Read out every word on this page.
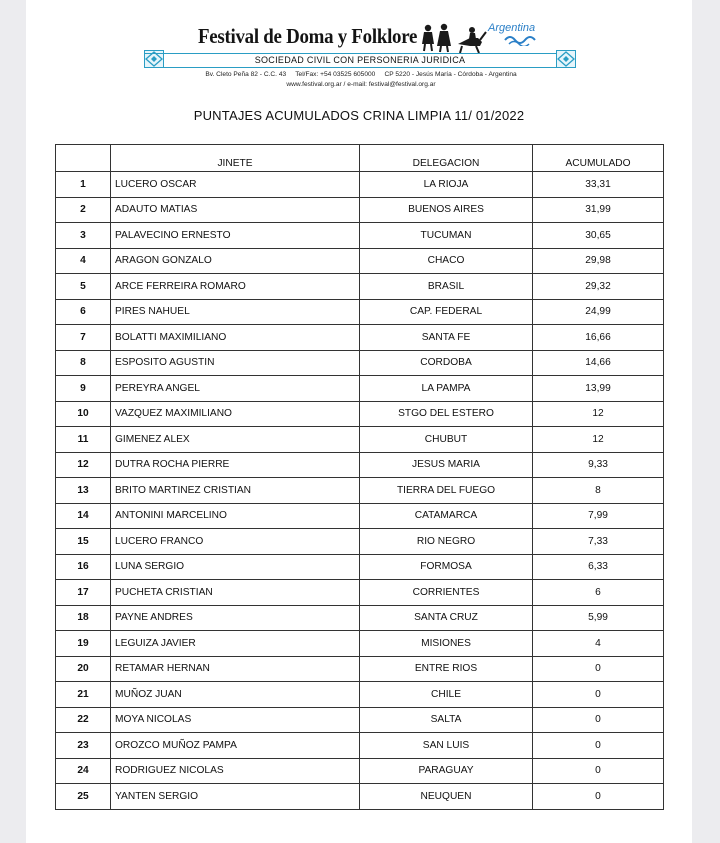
Festival de Doma y Folklore	Argentina
SOCIEDAD CIVIL CON PERSONERIA JURIDICA
Bv. Cleto Peña 82 - C.C. 43     Tel/Fax: +54 03525 605000     CP 5220 - Jesús María - Córdoba - Argentina
www.festival.org.ar / e-mail: festival@festival.org.ar
PUNTAJES ACUMULADOS CRINA LIMPIA 11/ 01/2022
	JINETE	DELEGACION	ACUMULADO
1	LUCERO OSCAR	LA RIOJA	33,31
2	ADAUTO MATIAS	BUENOS AIRES	31,99
3	PALAVECINO ERNESTO	TUCUMAN	30,65
4	ARAGON GONZALO	CHACO	29,98
5	ARCE FERREIRA ROMARO	BRASIL	29,32
6	PIRES NAHUEL	CAP. FEDERAL	24,99
7	BOLATTI MAXIMILIANO	SANTA FE	16,66
8	ESPOSITO AGUSTIN	CORDOBA	14,66
9	PEREYRA ANGEL	LA PAMPA	13,99
10	VAZQUEZ MAXIMILIANO	STGO DEL ESTERO	12
11	GIMENEZ ALEX	CHUBUT	12
12	DUTRA ROCHA PIERRE	JESUS MARIA	9,33
13	BRITO MARTINEZ CRISTIAN	TIERRA DEL FUEGO	8
14	ANTONINI MARCELINO	CATAMARCA	7,99
15	LUCERO FRANCO	RIO NEGRO	7,33
16	LUNA SERGIO	FORMOSA	6,33
17	PUCHETA CRISTIAN	CORRIENTES	6
18	PAYNE ANDRES	SANTA CRUZ	5,99
19	LEGUIZA JAVIER	MISIONES	4
20	RETAMAR HERNAN	ENTRE RIOS	0
21	MUÑOZ JUAN	CHILE	0
22	MOYA NICOLAS	SALTA	0
23	OROZCO MUÑOZ PAMPA	SAN LUIS	0
24	RODRIGUEZ NICOLAS	PARAGUAY	0
25	YANTEN SERGIO	NEUQUEN	0
